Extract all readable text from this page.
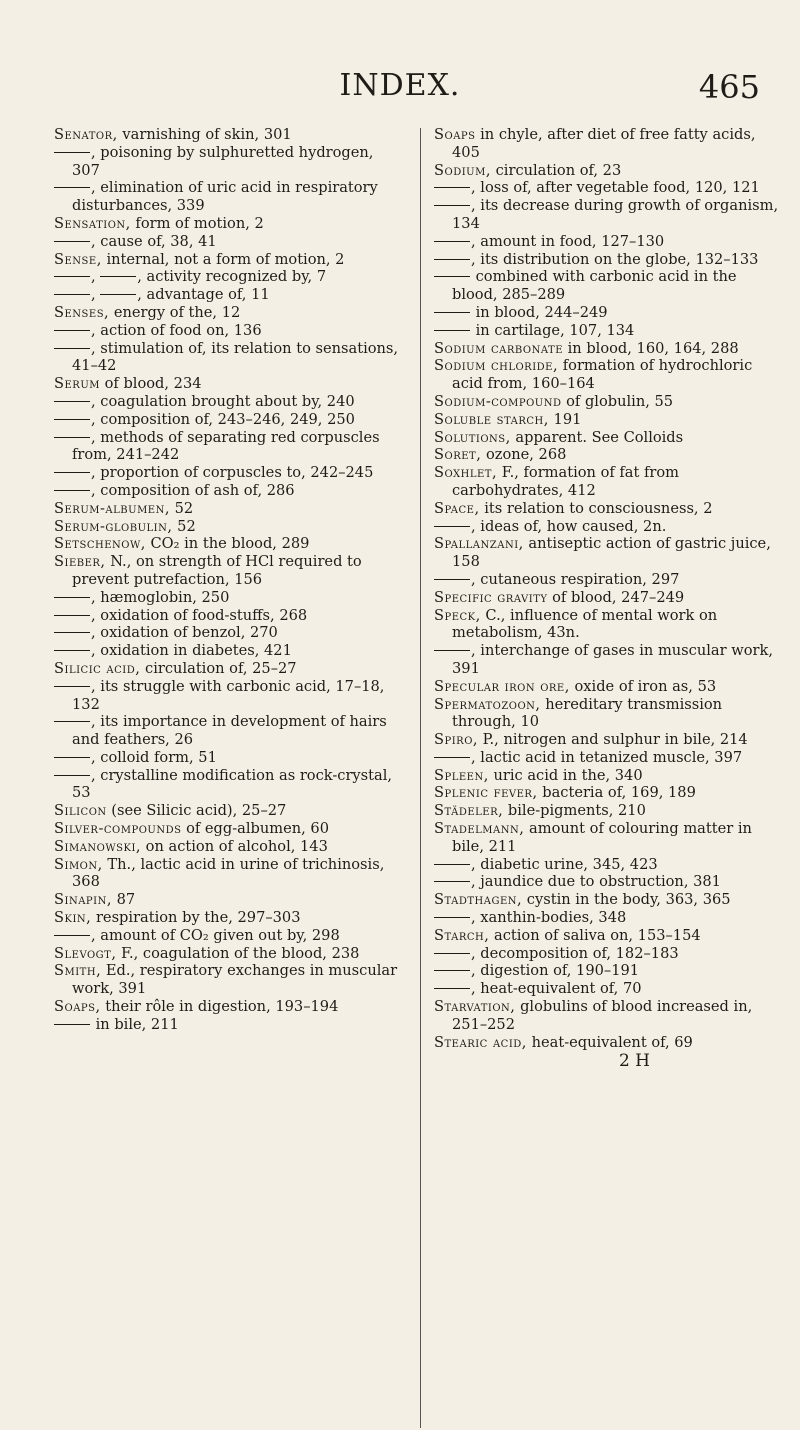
INDEX.	465
Senator, varnishing of skin, 301
, poisoning by sulphuretted hydrogen, 307
, elimination of uric acid in respiratory disturbances, 339
Sensation, form of motion, 2
, cause of, 38, 41
Sense, internal, not a form of motion, 2
,	, activity recognized by, 7
,	, advantage of, 11
Senses, energy of the, 12
, action of food on, 136
, stimulation of, its relation to sensations, 41–42
Serum of blood, 234
, coagulation brought about by, 240
, composition of, 243–246, 249, 250
, methods of separating red corpuscles from, 241–242
, proportion of corpuscles to, 242–245
, composition of ash of, 286
Serum-albumen, 52
Serum-globulin, 52
Setschenow, CO₂ in the blood, 289
Sieber, N., on strength of HCl required to prevent putrefaction, 156
, hæmoglobin, 250
, oxidation of food-stuffs, 268
, oxidation of benzol, 270
, oxidation in diabetes, 421
Silicic acid, circulation of, 25–27
, its struggle with carbonic acid, 17–18, 132
, its importance in development of hairs and feathers, 26
, colloid form, 51
, crystalline modification as rock-crystal, 53
Silicon (see Silicic acid), 25–27
Silver-compounds of egg-albumen, 60
Simanowski, on action of alcohol, 143
Simon, Th., lactic acid in urine of trichinosis, 368
Sinapin, 87
Skin, respiration by the, 297–303
, amount of CO₂ given out by, 298
Slevogt, F., coagulation of the blood, 238
Smith, Ed., respiratory exchanges in muscular work, 391
Soaps, their rôle in digestion, 193–194
in bile, 211
Soaps in chyle, after diet of free fatty acids, 405
Sodium, circulation of, 23
, loss of, after vegetable food, 120, 121
, its decrease during growth of organism, 134
, amount in food, 127–130
, its distribution on the globe, 132–133
combined with carbonic acid in the blood, 285–289
in blood, 244–249
in cartilage, 107, 134
Sodium carbonate in blood, 160, 164, 288
Sodium chloride, formation of hydrochloric acid from, 160–164
Sodium-compound of globulin, 55
Soluble starch, 191
Solutions, apparent. See Colloids
Soret, ozone, 268
Soxhlet, F., formation of fat from carbohydrates, 412
Space, its relation to consciousness, 2
, ideas of, how caused, 2n.
Spallanzani, antiseptic action of gastric juice, 158
, cutaneous respiration, 297
Specific gravity of blood, 247–249
Speck, C., influence of mental work on metabolism, 43n.
, interchange of gases in muscular work, 391
Specular iron ore, oxide of iron as, 53
Spermatozoon, hereditary transmission through, 10
Spiro, P., nitrogen and sulphur in bile, 214
, lactic acid in tetanized muscle, 397
Spleen, uric acid in the, 340
Splenic fever, bacteria of, 169, 189
Städeler, bile-pigments, 210
Stadelmann, amount of colouring matter in bile, 211
, diabetic urine, 345, 423
, jaundice due to obstruction, 381
Stadthagen, cystin in the body, 363, 365
, xanthin-bodies, 348
Starch, action of saliva on, 153–154
, decomposition of, 182–183
, digestion of, 190–191
, heat-equivalent of, 70
Starvation, globulins of blood increased in, 251–252
Stearic acid, heat-equivalent of, 69
2 H
